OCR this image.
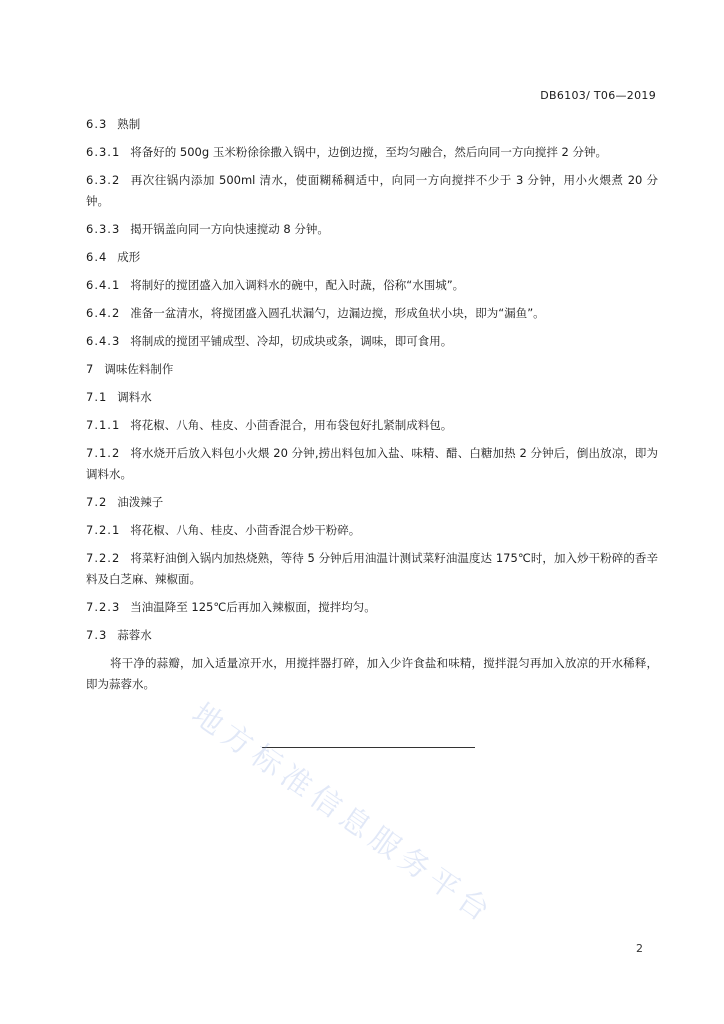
DB6103/ T06—2019

6.3 熟制

6.3.1 将备好的 500g 玉米粉徐徐撒入锅中，边倒边搅，至均匀融合，然后向同一方向搅拌 2 分钟。

6.3.2 再次往锅内添加 500ml 清水，使面糊稀稠适中，向同一方向搅拌不少于 3 分钟，用小火煨煮 20 分钟。

6.3.3 揭开锅盖向同一方向快速搅动 8 分钟。

6.4 成形

6.4.1 将制好的搅团盛入加入调料水的碗中，配入时蔬，俗称“水围城”。

6.4.2 准备一盆清水，将搅团盛入圆孔状漏勺，边漏边搅，形成鱼状小块，即为“漏鱼”。

6.4.3 将制成的搅团平铺成型、冷却，切成块或条，调味，即可食用。

7 调味佐料制作

7.1 调料水

7.1.1 将花椒、八角、桂皮、小茴香混合，用布袋包好扎紧制成料包。

7.1.2 将水烧开后放入料包小火煨 20 分钟,捞出料包加入盐、味精、醋、白糖加热 2 分钟后，倒出放凉，即为调料水。

7.2 油泼辣子

7.2.1 将花椒、八角、桂皮、小茴香混合炒干粉碎。

7.2.2 将菜籽油倒入锅内加热烧熟，等待 5 分钟后用油温计测试菜籽油温度达 175℃时，加入炒干粉碎的香辛料及白芝麻、辣椒面。

7.2.3 当油温降至 125℃后再加入辣椒面，搅拌均匀。

7.3 蒜蓉水

将干净的蒜瓣，加入适量凉开水，用搅拌器打碎，加入少许食盐和味精，搅拌混匀再加入放凉的开水稀释，即为蒜蓉水。

地方标准信息服务平台
2
